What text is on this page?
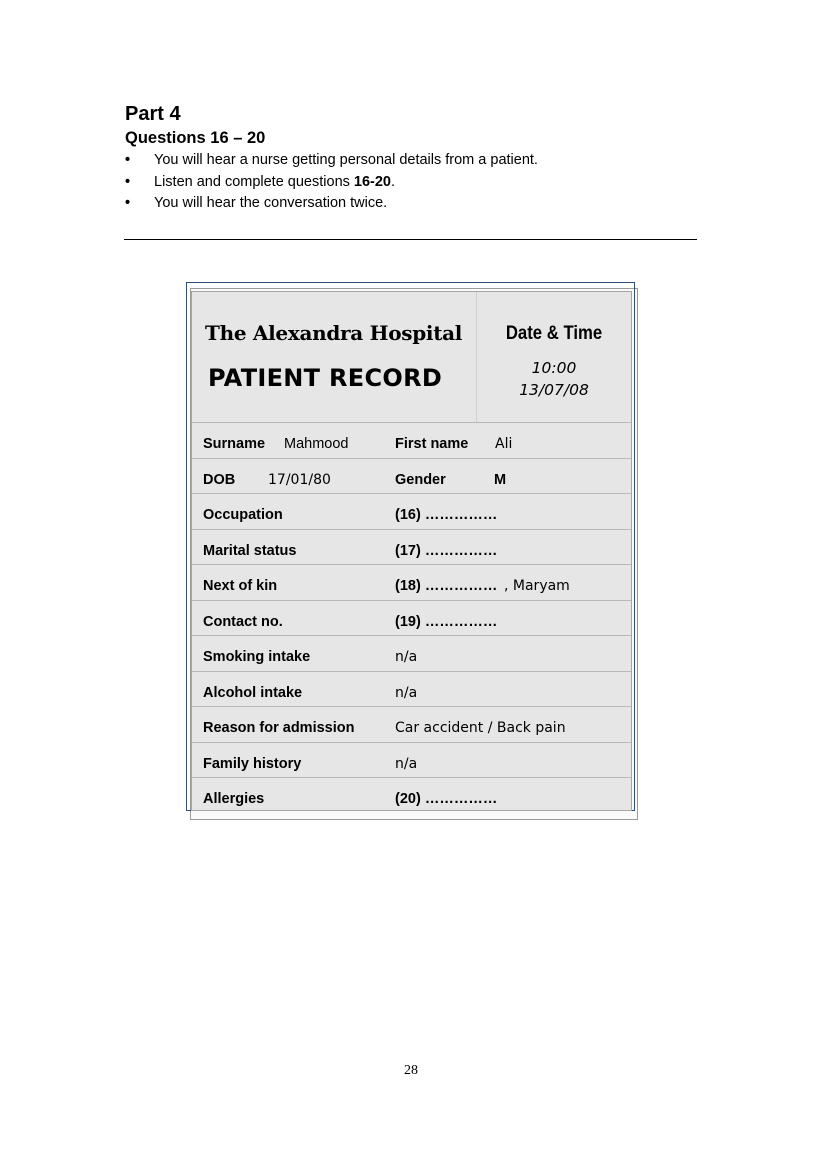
Part 4
Questions 16 – 20
• You will hear a nurse getting personal details from a patient.
• Listen and complete questions 16-20.
• You will hear the conversation twice.
The Alexandra Hospital
PATIENT RECORD
Date & Time
10:00
13/07/08
Surname Mahmood	First name Ali
DOB 17/01/80	Gender	M
Occupation	(16) ……………
Marital status	(17) ……………
Next of kin	(18) …………… , Maryam
Contact no.	(19) ……………
Smoking intake	n/a
Alcohol intake	n/a
Reason for admission	Car accident / Back pain
Family history	n/a
Allergies	(20) ……………
28
